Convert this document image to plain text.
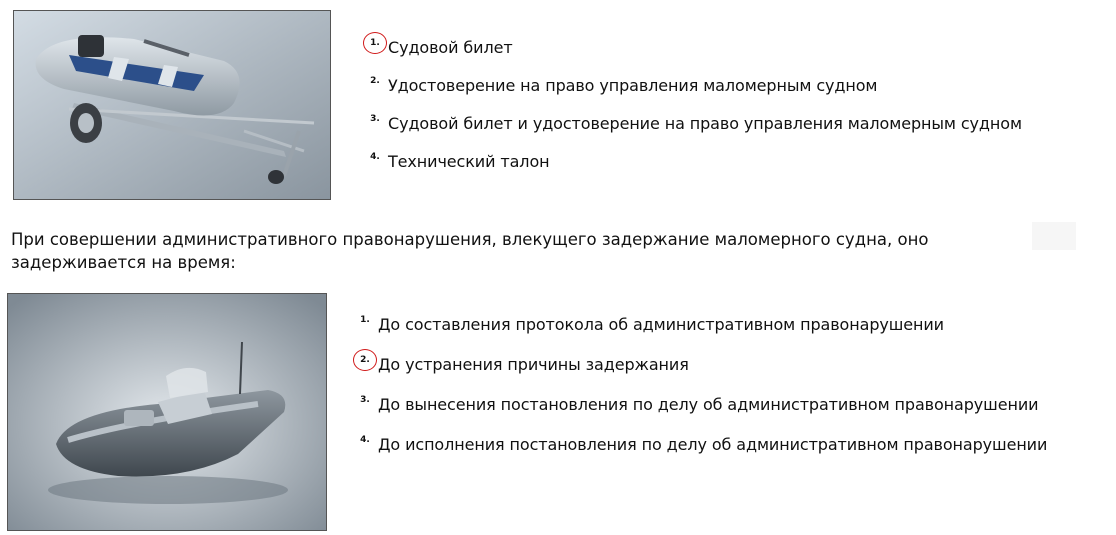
1. Судовой билет
2. Удостоверение на право управления маломерным судном
3. Судовой билет и удостоверение на право управления маломерным судном
4. Технический талон

При совершении административного правонарушения, влекущего задержание маломерного судна, оно задерживается на время:

1. До составления протокола об административном правонарушении
2. До устранения причины задержания
3. До вынесения постановления по делу об административном правонарушении
4. До исполнения постановления по делу об административном правонарушении
